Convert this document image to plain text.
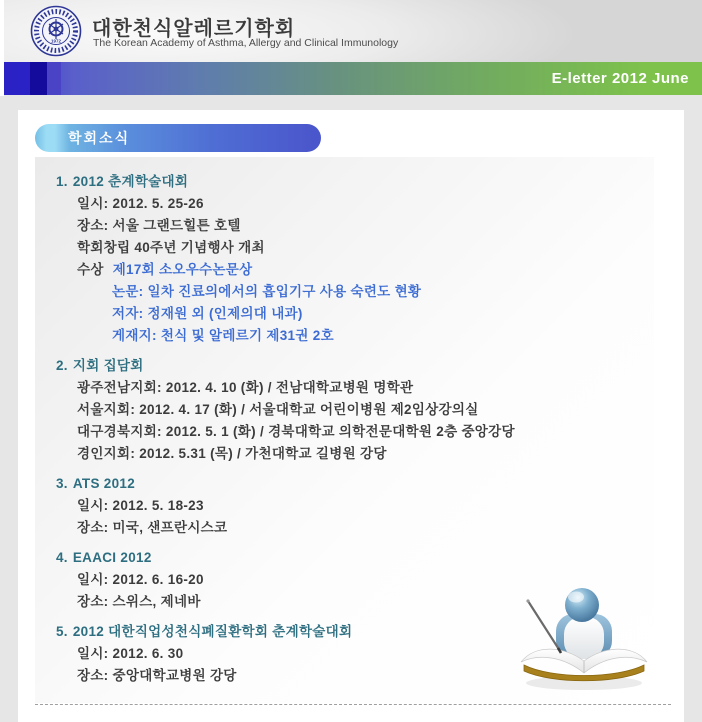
1972
대한천식알레르기학회
The Korean Academy of Asthma, Allergy and Clinical Immunology
E-letter 2012 June
학회소식
1. 2012 춘계학술대회
일시: 2012. 5. 25-26
장소: 서울 그랜드힐튼 호텔
학회창립 40주년 기념행사 개최
수상 제17회 소오우수논문상
논문: 일차 진료의에서의 흡입기구 사용 숙련도 현황
저자: 정재원 외 (인제의대 내과)
게재지: 천식 및 알레르기 제31권 2호
2. 지회 집담회
광주전남지회: 2012. 4. 10 (화) / 전남대학교병원 명학관
서울지회: 2012. 4. 17 (화) / 서울대학교 어린이병원 제2임상강의실
대구경북지회: 2012. 5. 1 (화) / 경북대학교 의학전문대학원 2층 중앙강당
경인지회: 2012. 5.31 (목) / 가천대학교 길병원 강당
3. ATS 2012
일시: 2012. 5. 18-23
장소: 미국, 샌프란시스코
4. EAACI 2012
일시: 2012. 6. 16-20
장소: 스위스, 제네바
5. 2012 대한직업성천식폐질환학회 춘계학술대회
일시: 2012. 6. 30
장소: 중앙대학교병원 강당
